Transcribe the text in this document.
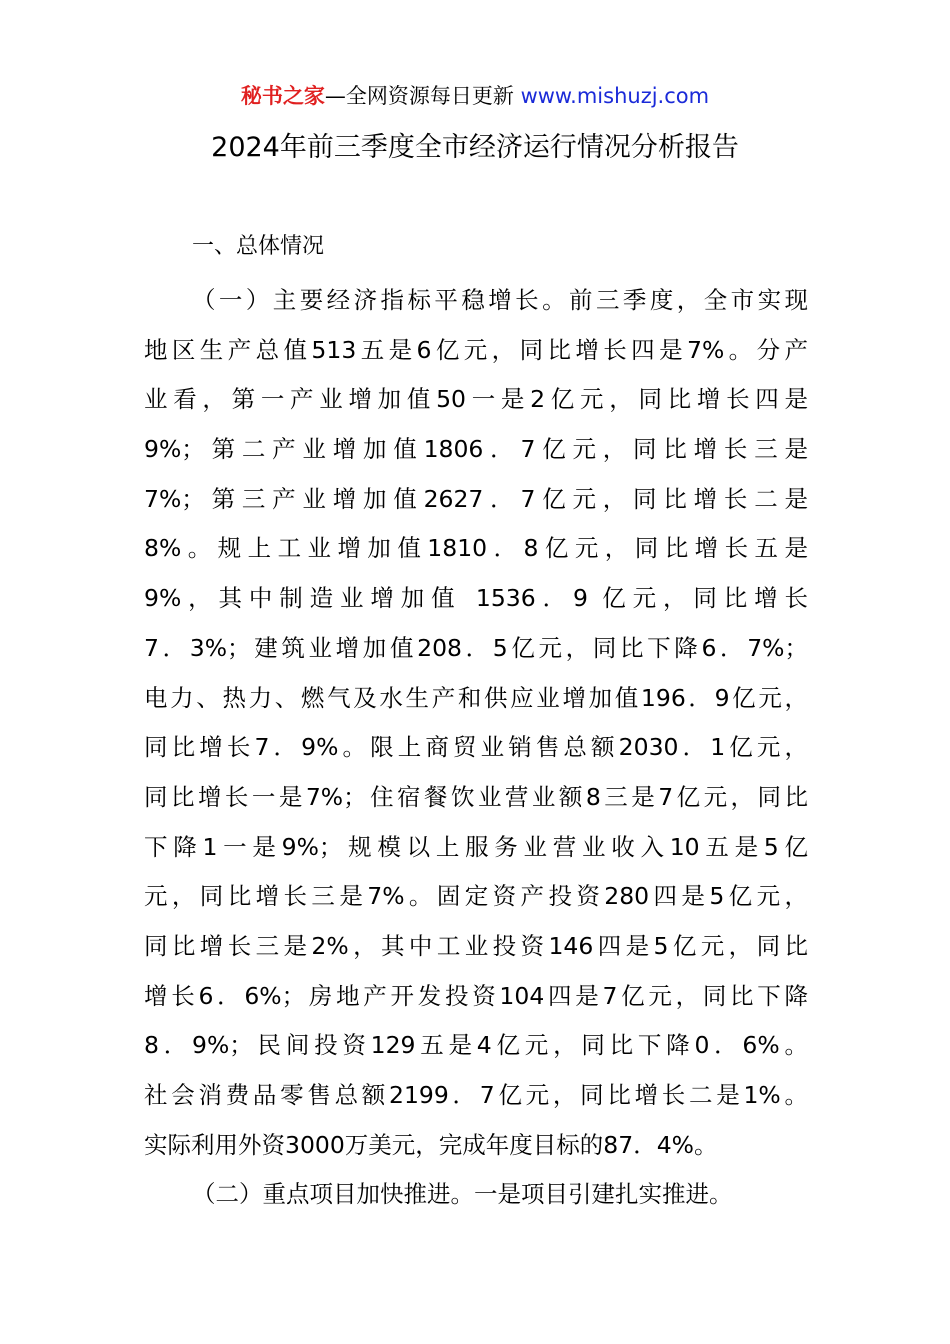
秘书之家—全网资源每日更新 www.mishuzj.com
2024年前三季度全市经济运行情况分析报告
一、总体情况
（一）主要经济指标平稳增长。前三季度，全市实现
地区生产总值513五是6亿元，同比增长四是7%。分产
业看，第一产业增加值50一是2亿元，同比增长四是
9%；第二产业增加值1806．7亿元，同比增长三是
7%；第三产业增加值2627．7亿元，同比增长二是
8%。规上工业增加值1810．8亿元，同比增长五是
9%，其中制造业增加值 1536．9 亿元，同比增长
7．3%；建筑业增加值208．5亿元，同比下降6．7%；
电力、热力、燃气及水生产和供应业增加值196．9亿元，
同比增长7．9%。限上商贸业销售总额2030．1亿元，
同比增长一是7%；住宿餐饮业营业额8三是7亿元，同比
下降1一是9%；规模以上服务业营业收入10五是5亿
元，同比增长三是7%。固定资产投资280四是5亿元，
同比增长三是2%，其中工业投资146四是5亿元，同比
增长6．6%；房地产开发投资104四是7亿元，同比下降
8．9%；民间投资129五是4亿元，同比下降0．6%。
社会消费品零售总额2199．7亿元，同比增长二是1%。
实际利用外资3000万美元，完成年度目标的87．4%。
（二）重点项目加快推进。一是项目引建扎实推进。
